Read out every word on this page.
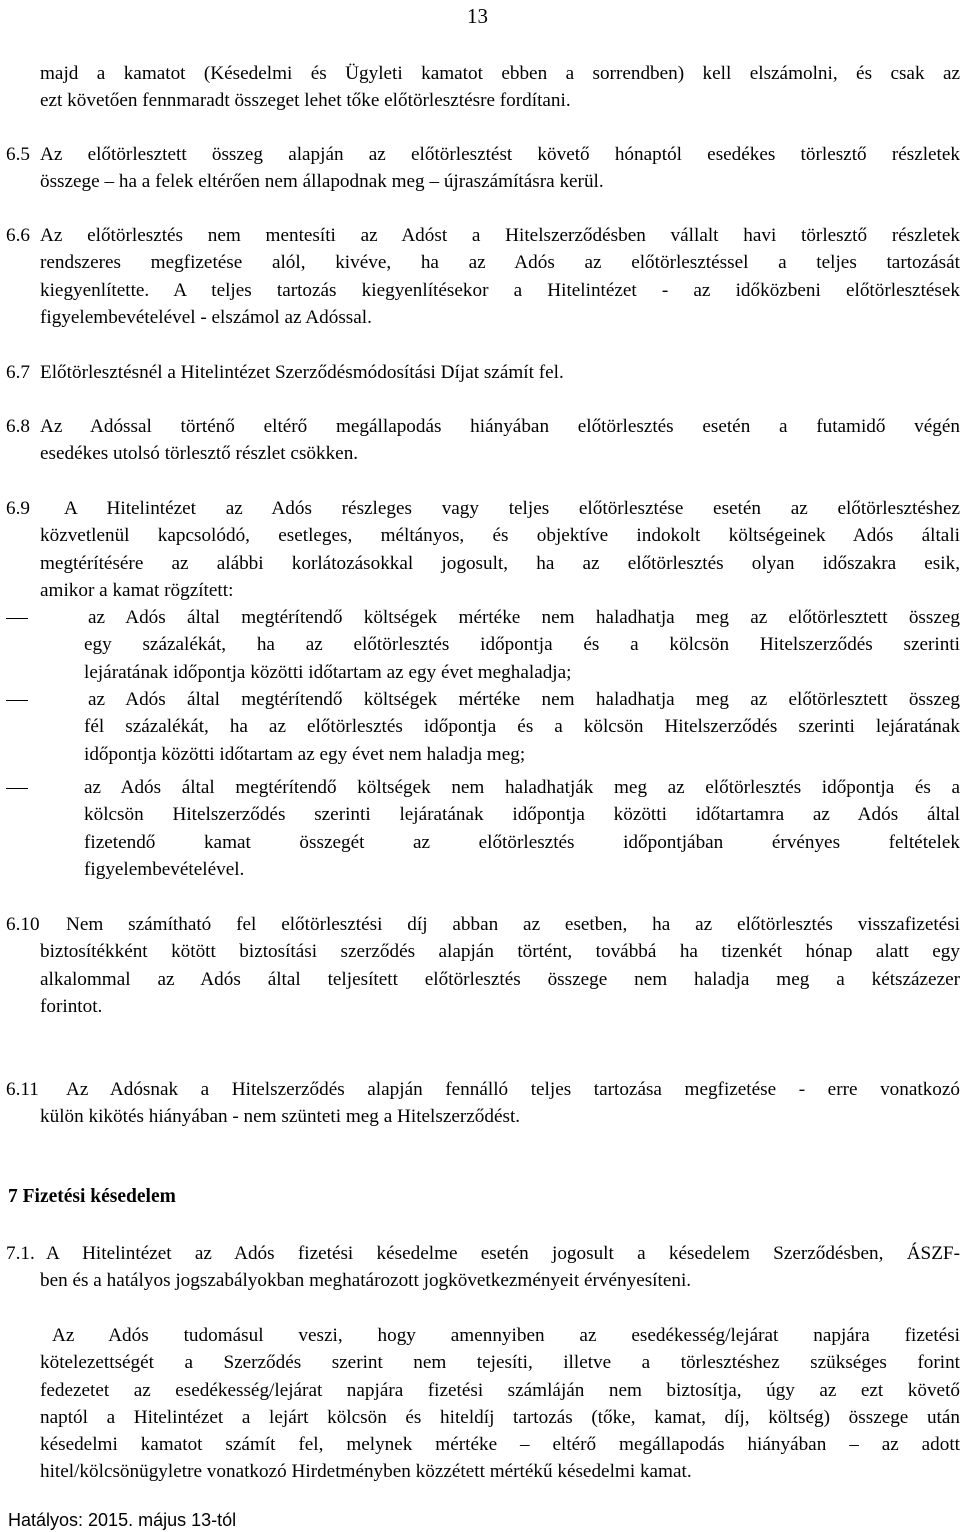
13
majd a kamatot (Késedelmi és Ügyleti kamatot ebben a sorrendben) kell elszámolni, és csak az
ezt követően fennmaradt összeget lehet tőke előtörlesztésre fordítani.
6.5 Az előtörlesztett összeg alapján az előtörlesztést követő hónaptól esedékes törlesztő részletek
összege – ha a felek eltérően nem állapodnak meg – újraszámításra kerül.
6.6 Az előtörlesztés nem mentesíti az Adóst a Hitelszerződésben vállalt havi törlesztő részletek
rendszeres megfizetése alól, kivéve, ha az Adós az előtörlesztéssel a teljes tartozását
kiegyenlítette. A teljes tartozás kiegyenlítésekor a Hitelintézet - az időközbeni előtörlesztések
figyelembevételével - elszámol az Adóssal.
6.7 Előtörlesztésnél a Hitelintézet Szerződésmódosítási Díjat számít fel.
6.8 Az Adóssal történő eltérő megállapodás hiányában előtörlesztés esetén a futamidő végén
esedékes utolsó törlesztő részlet csökken.
6.9 A Hitelintézet az Adós részleges vagy teljes előtörlesztése esetén az előtörlesztéshez
közvetlenül kapcsolódó, esetleges, méltányos, és objektíve indokolt költségeinek Adós általi
megtérítésére az alábbi korlátozásokkal jogosult, ha az előtörlesztés olyan időszakra esik,
amikor a kamat rögzített:
az Adós által megtérítendő költségek mértéke nem haladhatja meg az előtörlesztett összeg
egy százalékát, ha az előtörlesztés időpontja és a kölcsön Hitelszerződés szerinti
lejáratának időpontja közötti időtartam az egy évet meghaladja;
az Adós által megtérítendő költségek mértéke nem haladhatja meg az előtörlesztett összeg
fél százalékát, ha az előtörlesztés időpontja és a kölcsön Hitelszerződés szerinti lejáratának
időpontja közötti időtartam az egy évet nem haladja meg;
az Adós által megtérítendő költségek nem haladhatják meg az előtörlesztés időpontja és a
kölcsön Hitelszerződés szerinti lejáratának időpontja közötti időtartamra az Adós által
fizetendő kamat összegét az előtörlesztés időpontjában érvényes feltételek
figyelembevételével.
6.10 Nem számítható fel előtörlesztési díj abban az esetben, ha az előtörlesztés visszafizetési
biztosítékként kötött biztosítási szerződés alapján történt, továbbá ha tizenkét hónap alatt egy
alkalommal az Adós által teljesített előtörlesztés összege nem haladja meg a kétszázezer
forintot.
6.11 Az Adósnak a Hitelszerződés alapján fennálló teljes tartozása megfizetése - erre vonatkozó
külön kikötés hiányában - nem szünteti meg a Hitelszerződést.
7 Fizetési késedelem
7.1. A Hitelintézet az Adós fizetési késedelme esetén jogosult a késedelem Szerződésben, ÁSZF-
ben és a hatályos jogszabályokban meghatározott jogkövetkezményeit érvényesíteni.
Az Adós tudomásul veszi, hogy amennyiben az esedékesség/lejárat napjára fizetési
kötelezettségét a Szerződés szerint nem tejesíti, illetve a törlesztéshez szükséges forint
fedezetet az esedékesség/lejárat napjára fizetési számláján nem biztosítja, úgy az ezt követő
naptól a Hitelintézet a lejárt kölcsön és hiteldíj tartozás (tőke, kamat, díj, költség) összege után
késedelmi kamatot számít fel, melynek mértéke – eltérő megállapodás hiányában – az adott
hitel/kölcsönügyletre vonatkozó Hirdetményben közzétett mértékű késedelmi kamat.
Hatályos: 2015. május 13-tól
